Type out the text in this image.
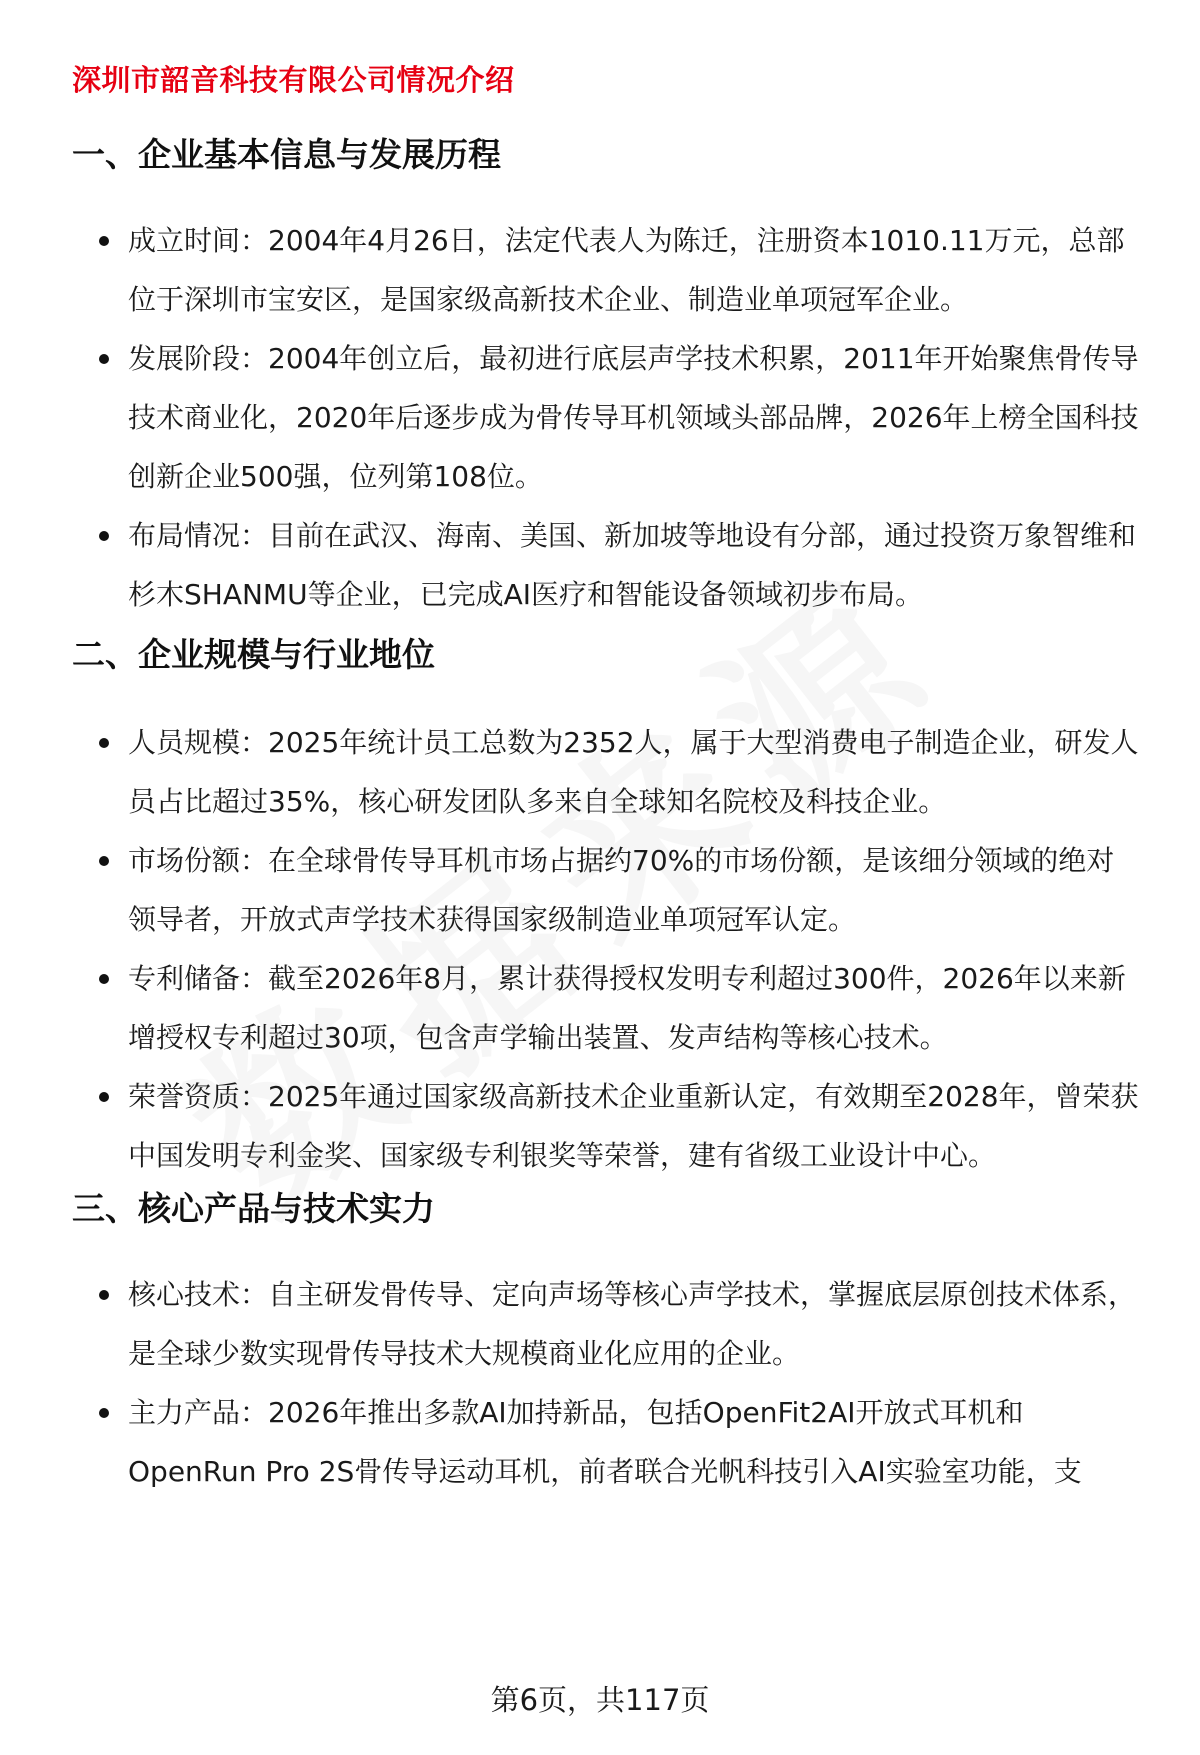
深圳市韶音科技有限公司情况介绍
一、企业基本信息与发展历程
成立时间：2004年4月26日，法定代表人为陈迁，注册资本1010.11万元，总部位于深圳市宝安区，是国家级高新技术企业、制造业单项冠军企业。
发展阶段：2004年创立后，最初进行底层声学技术积累，2011年开始聚焦骨传导技术商业化，2020年后逐步成为骨传导耳机领域头部品牌，2026年上榜全国科技创新企业500强，位列第108位。
布局情况：目前在武汉、海南、美国、新加坡等地设有分部，通过投资万象智维和杉木SHANMU等企业，已完成AI医疗和智能设备领域初步布局。
二、企业规模与行业地位
人员规模：2025年统计员工总数为2352人，属于大型消费电子制造企业，研发人员占比超过35%，核心研发团队多来自全球知名院校及科技企业。
市场份额：在全球骨传导耳机市场占据约70%的市场份额，是该细分领域的绝对领导者，开放式声学技术获得国家级制造业单项冠军认定。
专利储备：截至2026年8月，累计获得授权发明专利超过300件，2026年以来新增授权专利超过30项，包含声学输出装置、发声结构等核心技术。
荣誉资质：2025年通过国家级高新技术企业重新认定，有效期至2028年，曾荣获中国发明专利金奖、国家级专利银奖等荣誉，建有省级工业设计中心。
三、核心产品与技术实力
核心技术：自主研发骨传导、定向声场等核心声学技术，掌握底层原创技术体系，是全球少数实现骨传导技术大规模商业化应用的企业。
主力产品：2026年推出多款AI加持新品，包括OpenFit2AI开放式耳机和OpenRun Pro 2S骨传导运动耳机，前者联合光帆科技引入AI实验室功能，支
第6页，共117页
